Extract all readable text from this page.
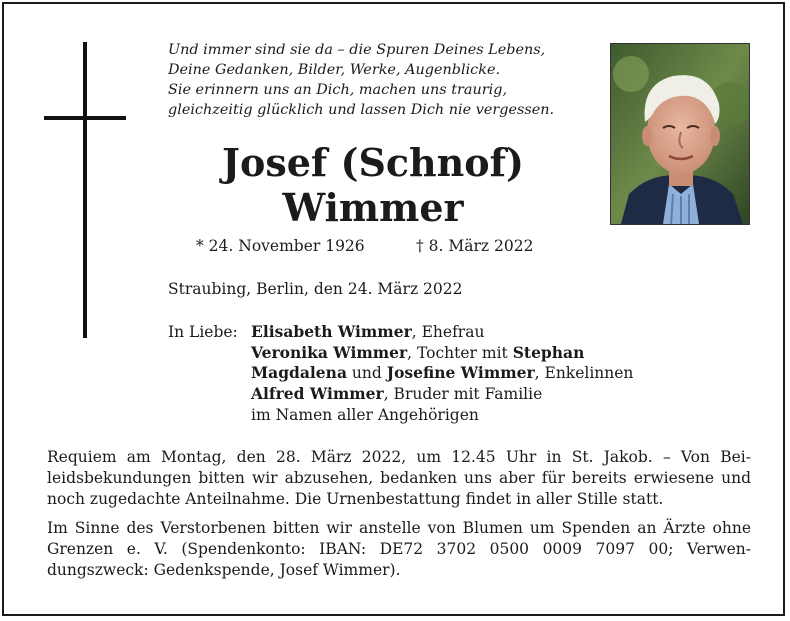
Und immer sind sie da – die Spuren Deines Lebens,
Deine Gedanken, Bilder, Werke, Augenblicke.
Sie erinnern uns an Dich, machen uns traurig,
gleichzeitig glücklich und lassen Dich nie vergessen.
Josef (Schnof)
Wimmer
* 24. November 1926	† 8. März 2022
Straubing, Berlin, den 24. März 2022
In Liebe: Elisabeth Wimmer, Ehefrau
Veronika Wimmer, Tochter mit Stephan
Magdalena und Josefine Wimmer, Enkelinnen
Alfred Wimmer, Bruder mit Familie
im Namen aller Angehörigen
Requiem am Montag, den 28. März 2022, um 12.45 Uhr in St. Jakob. – Von Beileidsbekundungen bitten wir abzusehen, bedanken uns aber für bereits erwiesene und noch zugedachte Anteilnahme. Die Urnenbestattung findet in aller Stille statt.
Im Sinne des Verstorbenen bitten wir anstelle von Blumen um Spenden an Ärzte ohne Grenzen e. V. (Spendenkonto: IBAN: DE72 3702 0500 0009 7097 00; Verwendungszweck: Gedenkspende, Josef Wimmer).
